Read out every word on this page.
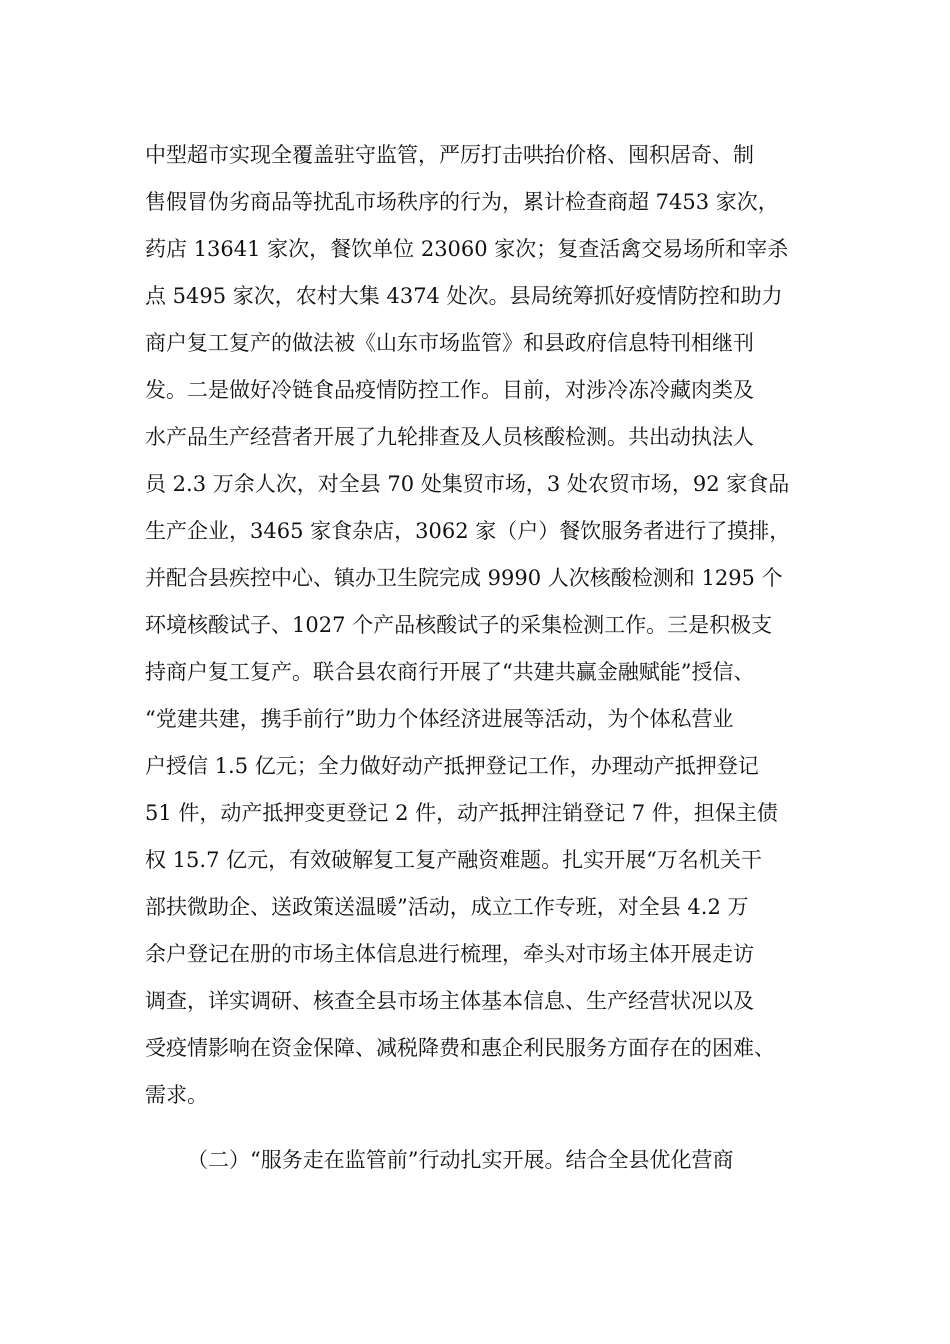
中型超市实现全覆盖驻守监管，严厉打击哄抬价格、囤积居奇、制
售假冒伪劣商品等扰乱市场秩序的行为，累计检查商超 7453 家次，
药店 13641 家次，餐饮单位 23060 家次；复查活禽交易场所和宰杀
点 5495 家次，农村大集 4374 处次。县局统筹抓好疫情防控和助力
商户复工复产的做法被《山东市场监管》和县政府信息特刊相继刊
发。二是做好冷链食品疫情防控工作。目前，对涉冷冻冷藏肉类及
水产品生产经营者开展了九轮排查及人员核酸检测。共出动执法人
员 2.3 万余人次，对全县 70 处集贸市场，3 处农贸市场，92 家食品
生产企业，3465 家食杂店，3062 家（户）餐饮服务者进行了摸排，
并配合县疾控中心、镇办卫生院完成 9990 人次核酸检测和 1295 个
环境核酸试子、1027 个产品核酸试子的采集检测工作。三是积极支
持商户复工复产。联合县农商行开展了“共建共赢金融赋能”授信、
“党建共建，携手前行”助力个体经济进展等活动，为个体私营业
户授信 1.5 亿元；全力做好动产抵押登记工作，办理动产抵押登记
51 件，动产抵押变更登记 2 件，动产抵押注销登记 7 件，担保主债
权 15.7 亿元，有效破解复工复产融资难题。扎实开展“万名机关干
部扶微助企、送政策送温暖”活动，成立工作专班，对全县 4.2 万
余户登记在册的市场主体信息进行梳理，牵头对市场主体开展走访
调查，详实调研、核查全县市场主体基本信息、生产经营状况以及
受疫情影响在资金保障、减税降费和惠企利民服务方面存在的困难、
需求。
（二）“服务走在监管前”行动扎实开展。结合全县优化营商
